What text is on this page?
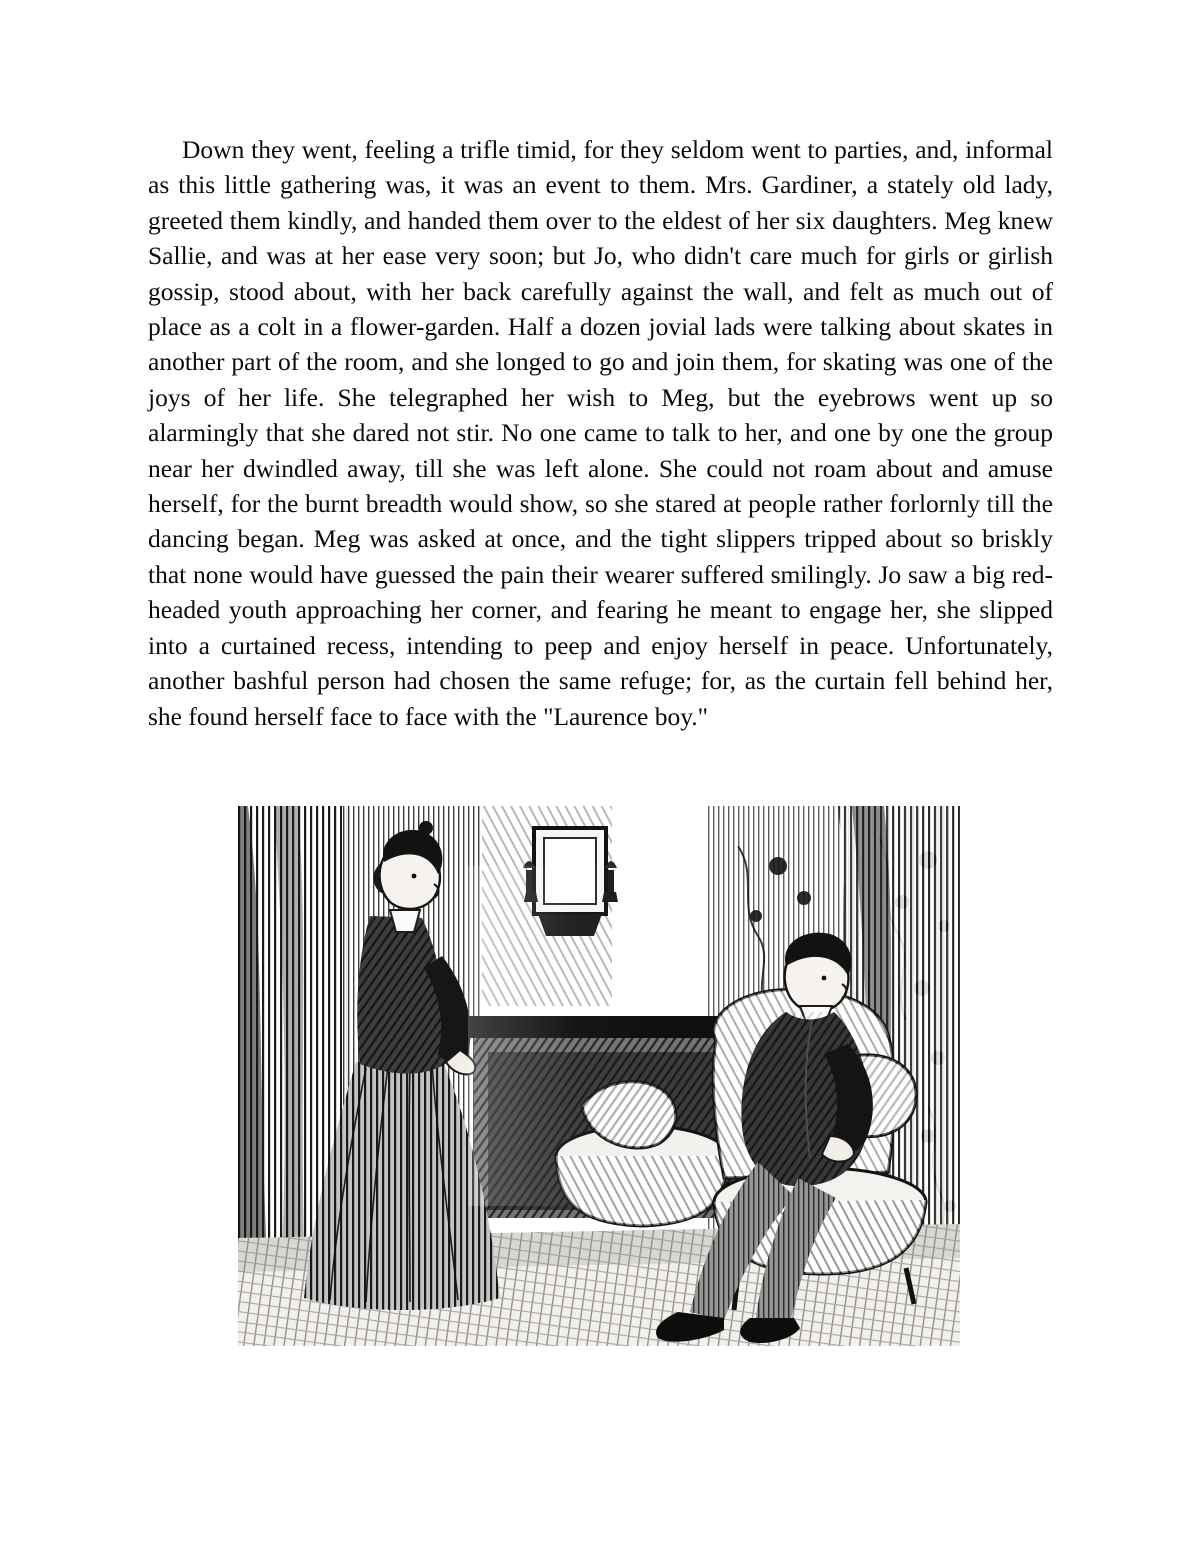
Down they went, feeling a trifle timid, for they seldom went to parties, and, informal as this little gathering was, it was an event to them. Mrs. Gardiner, a stately old lady, greeted them kindly, and handed them over to the eldest of her six daughters. Meg knew Sallie, and was at her ease very soon; but Jo, who didn't care much for girls or girlish gossip, stood about, with her back carefully against the wall, and felt as much out of place as a colt in a flower-garden. Half a dozen jovial lads were talking about skates in another part of the room, and she longed to go and join them, for skating was one of the joys of her life. She telegraphed her wish to Meg, but the eyebrows went up so alarmingly that she dared not stir. No one came to talk to her, and one by one the group near her dwindled away, till she was left alone. She could not roam about and amuse herself, for the burnt breadth would show, so she stared at people rather forlornly till the dancing began. Meg was asked at once, and the tight slippers tripped about so briskly that none would have guessed the pain their wearer suffered smilingly. Jo saw a big red-headed youth approaching her corner, and fearing he meant to engage her, she slipped into a curtained recess, intending to peep and enjoy herself in peace. Unfortunately, another bashful person had chosen the same refuge; for, as the curtain fell behind her, she found herself face to face with the "Laurence boy."
